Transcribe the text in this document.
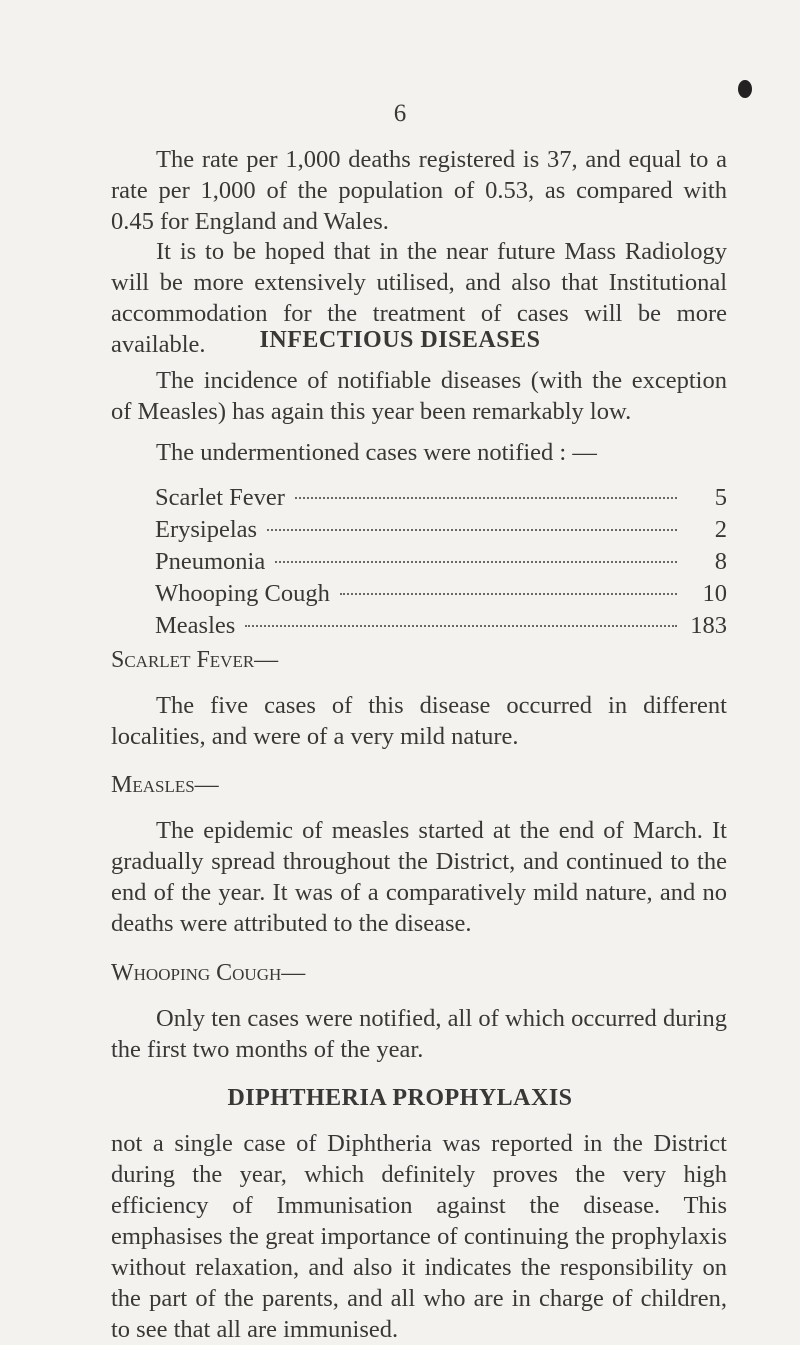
6

The rate per 1,000 deaths registered is 37, and equal to a rate per 1,000 of the population of 0.53, as compared with 0.45 for England and Wales.

It is to be hoped that in the near future Mass Radiology will be more extensively utilised, and also that Institutional accommodation for the treatment of cases will be more available.	INFECTIOUS DISEASES

The incidence of notifiable diseases (with the exception of Measles) has again this year been remarkably low.

The undermentioned cases were notified : —

Scarlet Fever	5
Erysipelas	2
Pneumonia	8
Whooping Cough	10
Measles	183

Scarlet Fever—

The five cases of this disease occurred in different localities, and were of a very mild nature.

Measles—

The epidemic of measles started at the end of March. It gradually spread throughout the District, and continued to the end of the year. It was of a comparatively mild nature, and no deaths were attributed to the disease.

Whooping Cough—

Only ten cases were notified, all of which occurred during the first two months of the year.

DIPHTHERIA PROPHYLAXIS

not a single case of Diphtheria was reported in the District during the year, which definitely proves the very high efficiency of Immunisation against the disease. This emphasises the great importance of continuing the prophylaxis without relaxation, and also it indicates the responsibility on the part of the parents, and all who are in charge of children, to see that all are immunised.
